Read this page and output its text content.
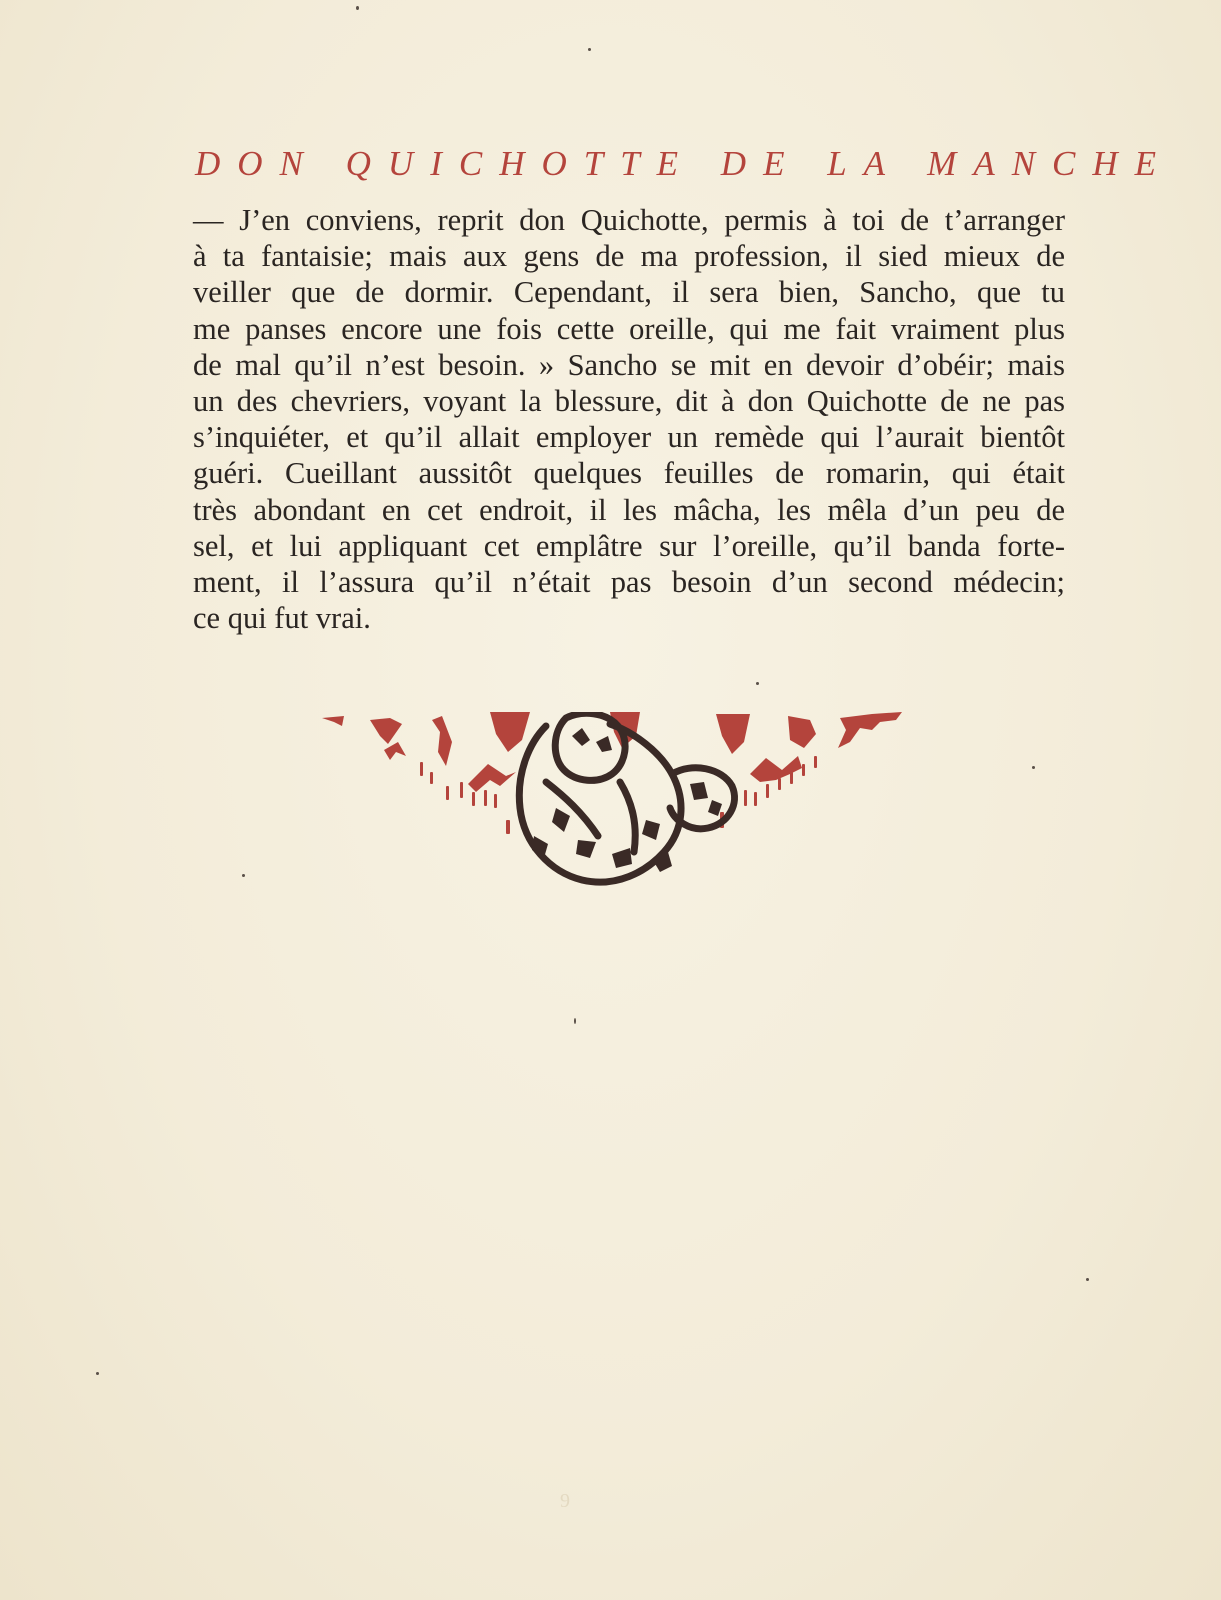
DON QUICHOTTE DE LA MANCHE
— J’en conviens, reprit don Quichotte, permis à toi de t’arranger
à ta fantaisie; mais aux gens de ma profession, il sied mieux de
veiller que de dormir. Cependant, il sera bien, Sancho, que tu
me panses encore une fois cette oreille, qui me fait vraiment plus
de mal qu’il n’est besoin. » Sancho se mit en devoir d’obéir; mais
un des chevriers, voyant la blessure, dit à don Quichotte de ne pas
s’inquiéter, et qu’il allait employer un remède qui l’aurait bientôt
guéri. Cueillant aussitôt quelques feuilles de romarin, qui était
très abondant en cet endroit, il les mâcha, les mêla d’un peu de
sel, et lui appliquant cet emplâtre sur l’oreille, qu’il banda forte-
ment, il l’assura qu’il n’était pas besoin d’un second médecin;
ce qui fut vrai.
9
